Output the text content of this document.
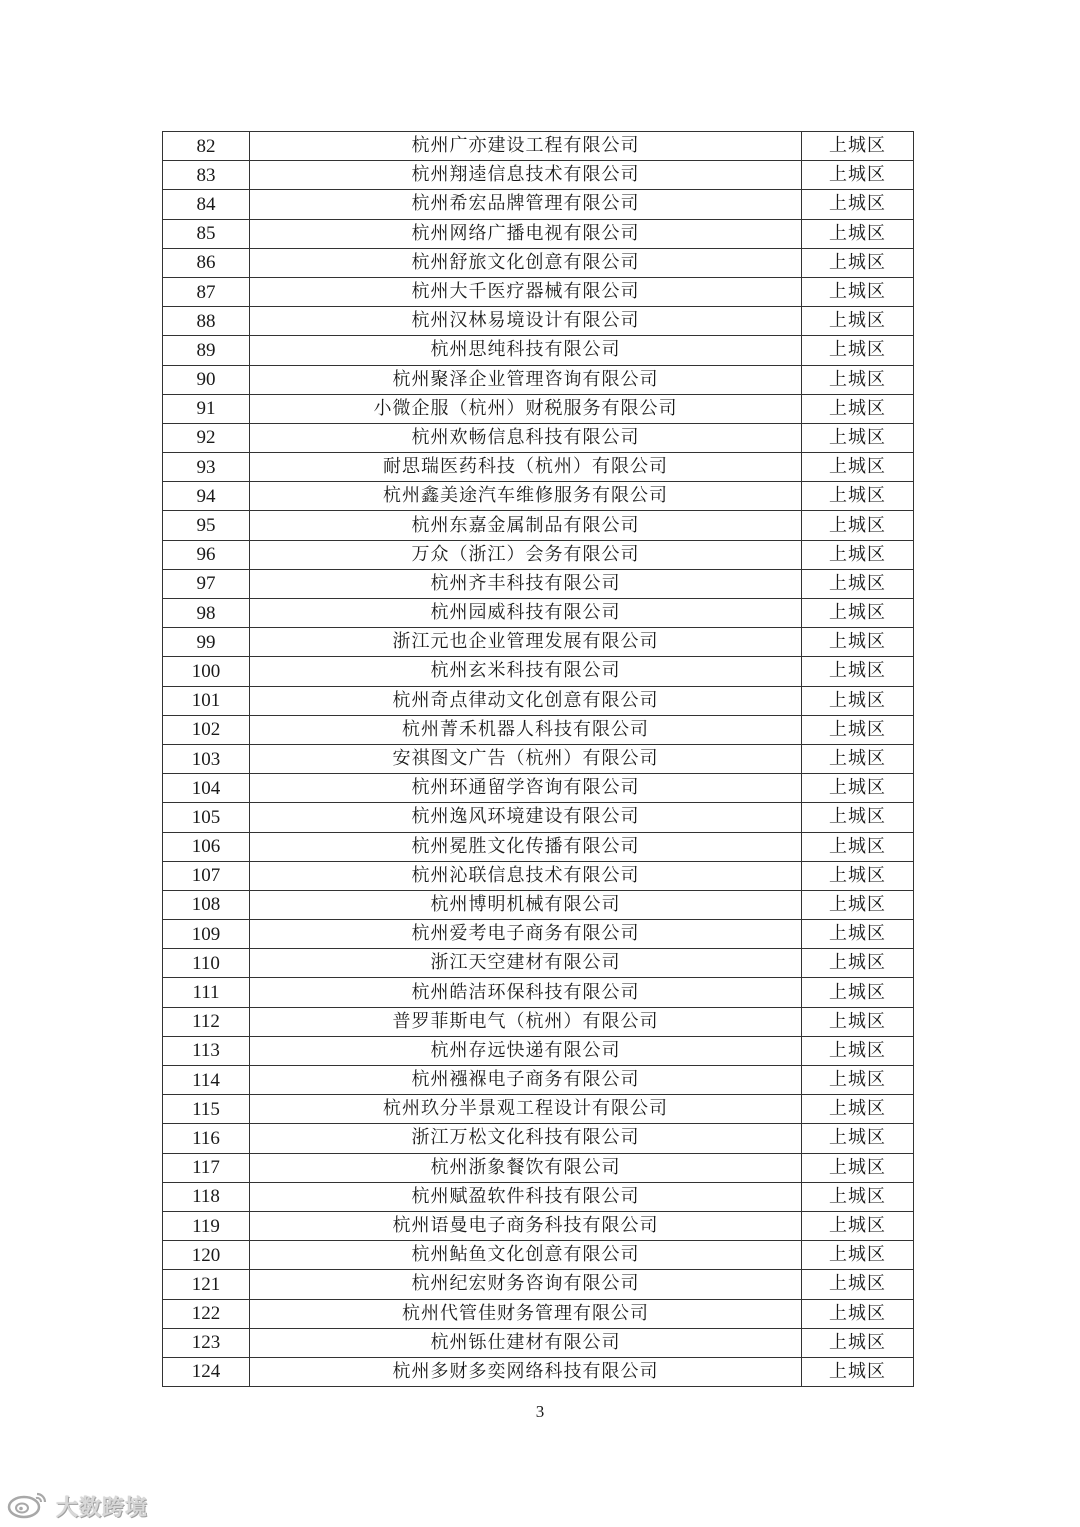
82	杭州广亦建设工程有限公司	上城区
83	杭州翔逵信息技术有限公司	上城区
84	杭州希宏品牌管理有限公司	上城区
85	杭州网络广播电视有限公司	上城区
86	杭州舒旅文化创意有限公司	上城区
87	杭州大千医疗器械有限公司	上城区
88	杭州汉林易境设计有限公司	上城区
89	杭州思纯科技有限公司	上城区
90	杭州聚泽企业管理咨询有限公司	上城区
91	小微企服（杭州）财税服务有限公司	上城区
92	杭州欢畅信息科技有限公司	上城区
93	耐思瑞医药科技（杭州）有限公司	上城区
94	杭州鑫美途汽车维修服务有限公司	上城区
95	杭州东嘉金属制品有限公司	上城区
96	万众（浙江）会务有限公司	上城区
97	杭州齐丰科技有限公司	上城区
98	杭州园威科技有限公司	上城区
99	浙江元也企业管理发展有限公司	上城区
100	杭州玄米科技有限公司	上城区
101	杭州奇点律动文化创意有限公司	上城区
102	杭州菁禾机器人科技有限公司	上城区
103	安祺图文广告（杭州）有限公司	上城区
104	杭州环通留学咨询有限公司	上城区
105	杭州逸风环境建设有限公司	上城区
106	杭州冕胜文化传播有限公司	上城区
107	杭州沁联信息技术有限公司	上城区
108	杭州博明机械有限公司	上城区
109	杭州爱考电子商务有限公司	上城区
110	浙江天空建材有限公司	上城区
111	杭州皓洁环保科技有限公司	上城区
112	普罗菲斯电气（杭州）有限公司	上城区
113	杭州存远快递有限公司	上城区
114	杭州襁褓电子商务有限公司	上城区
115	杭州玖分半景观工程设计有限公司	上城区
116	浙江万松文化科技有限公司	上城区
117	杭州浙象餐饮有限公司	上城区
118	杭州赋盈软件科技有限公司	上城区
119	杭州语曼电子商务科技有限公司	上城区
120	杭州鲇鱼文化创意有限公司	上城区
121	杭州纪宏财务咨询有限公司	上城区
122	杭州代管佳财务管理有限公司	上城区
123	杭州铄仕建材有限公司	上城区
124	杭州多财多奕网络科技有限公司	上城区
3
大数跨境
